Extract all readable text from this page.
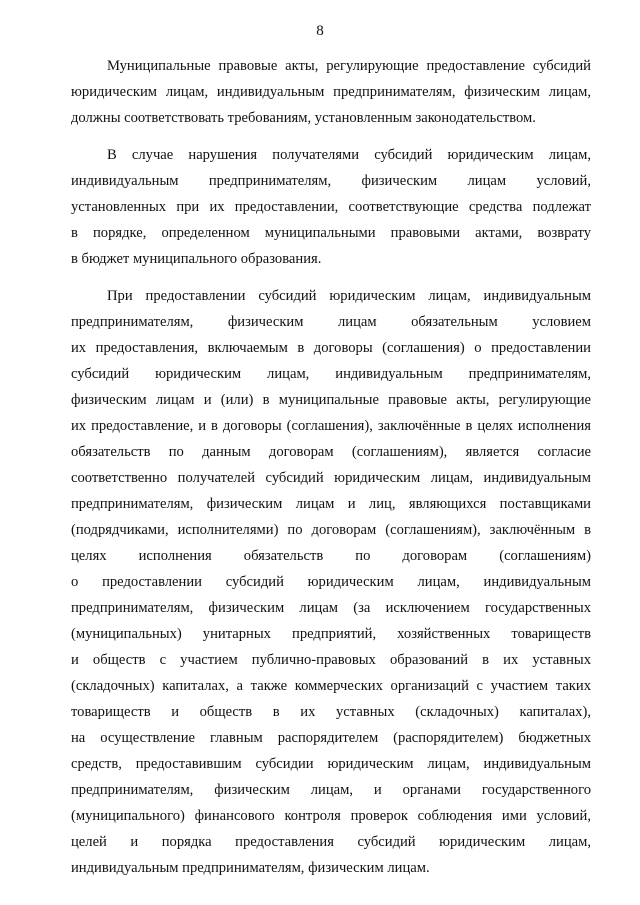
8

Муниципальные правовые акты, регулирующие предоставление субсидий
юридическим лицам, индивидуальным предпринимателям, физическим лицам,
должны соответствовать требованиям, установленным законодательством.

В случае нарушения получателями субсидий юридическим лицам,
индивидуальным предпринимателям, физическим лицам условий,
установленных при их предоставлении, соответствующие средства подлежат
в порядке, определенном муниципальными правовыми актами, возврату
в бюджет муниципального образования.

При предоставлении субсидий юридическим лицам, индивидуальным
предпринимателям, физическим лицам обязательным условием
их предоставления, включаемым в договоры (соглашения) о предоставлении
субсидий юридическим лицам, индивидуальным предпринимателям,
физическим лицам и (или) в муниципальные правовые акты, регулирующие
их предоставление, и в договоры (соглашения), заключённые в целях исполнения
обязательств по данным договорам (соглашениям), является согласие
соответственно получателей субсидий юридическим лицам, индивидуальным
предпринимателям, физическим лицам и лиц, являющихся поставщиками
(подрядчиками, исполнителями) по договорам (соглашениям), заключённым в
целях исполнения обязательств по договорам (соглашениям)
о предоставлении субсидий юридическим лицам, индивидуальным
предпринимателям, физическим лицам (за исключением государственных
(муниципальных) унитарных предприятий, хозяйственных товариществ
и обществ с участием публично-правовых образований в их уставных
(складочных) капиталах, а также коммерческих организаций с участием таких
товариществ и обществ в их уставных (складочных) капиталах),
на осуществление главным распорядителем (распорядителем) бюджетных
средств, предоставившим субсидии юридическим лицам, индивидуальным
предпринимателям, физическим лицам, и органами государственного
(муниципального) финансового контроля проверок соблюдения ими условий,
целей и порядка предоставления субсидий юридическим лицам,
индивидуальным предпринимателям, физическим лицам.
